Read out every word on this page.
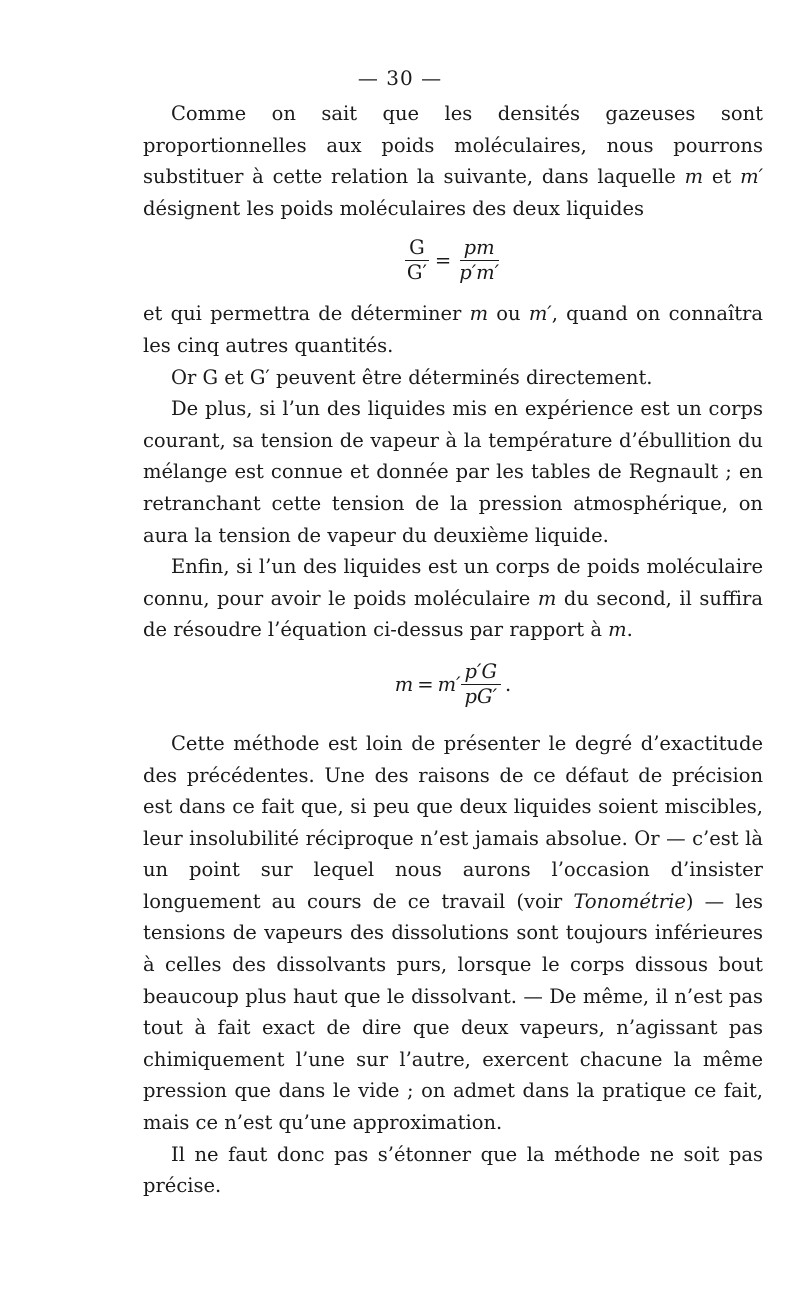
— 30 —

Comme on sait que les densités gazeuses sont proportionnelles aux poids moléculaires, nous pourrons substituer à cette relation la suivante, dans laquelle m et m′ désignent les poids moléculaires des deux liquides

$\frac{G}{G'} = \frac{pm}{p'm'}$

et qui permettra de déterminer m ou m′, quand on connaîtra les cinq autres quantités.

Or G et G′ peuvent être déterminés directement.

De plus, si l’un des liquides mis en expérience est un corps courant, sa tension de vapeur à la température d’ébullition du mélange est connue et donnée par les tables de Regnault ; en retranchant cette tension de la pression atmosphérique, on aura la tension de vapeur du deuxième liquide.

Enfin, si l’un des liquides est un corps de poids moléculaire connu, pour avoir le poids moléculaire m du second, il suffira de résoudre l’équation ci-dessus par rapport à m.

$m = m' \frac{p'G}{pG'}$ .

Cette méthode est loin de présenter le degré d’exactitude des précédentes. Une des raisons de ce défaut de précision est dans ce fait que, si peu que deux liquides soient miscibles, leur insolubilité réciproque n’est jamais absolue. Or — c’est là un point sur lequel nous aurons l’occasion d’insister longuement au cours de ce travail (voir Tonométrie) — les tensions de vapeurs des dissolutions sont toujours inférieures à celles des dissolvants purs, lorsque le corps dissous bout beaucoup plus haut que le dissolvant. — De même, il n’est pas tout à fait exact de dire que deux vapeurs, n’agissant pas chimiquement l’une sur l’autre, exercent chacune la même pression que dans le vide ; on admet dans la pratique ce fait, mais ce n’est qu’une approximation.

Il ne faut donc pas s’étonner que la méthode ne soit pas précise.
